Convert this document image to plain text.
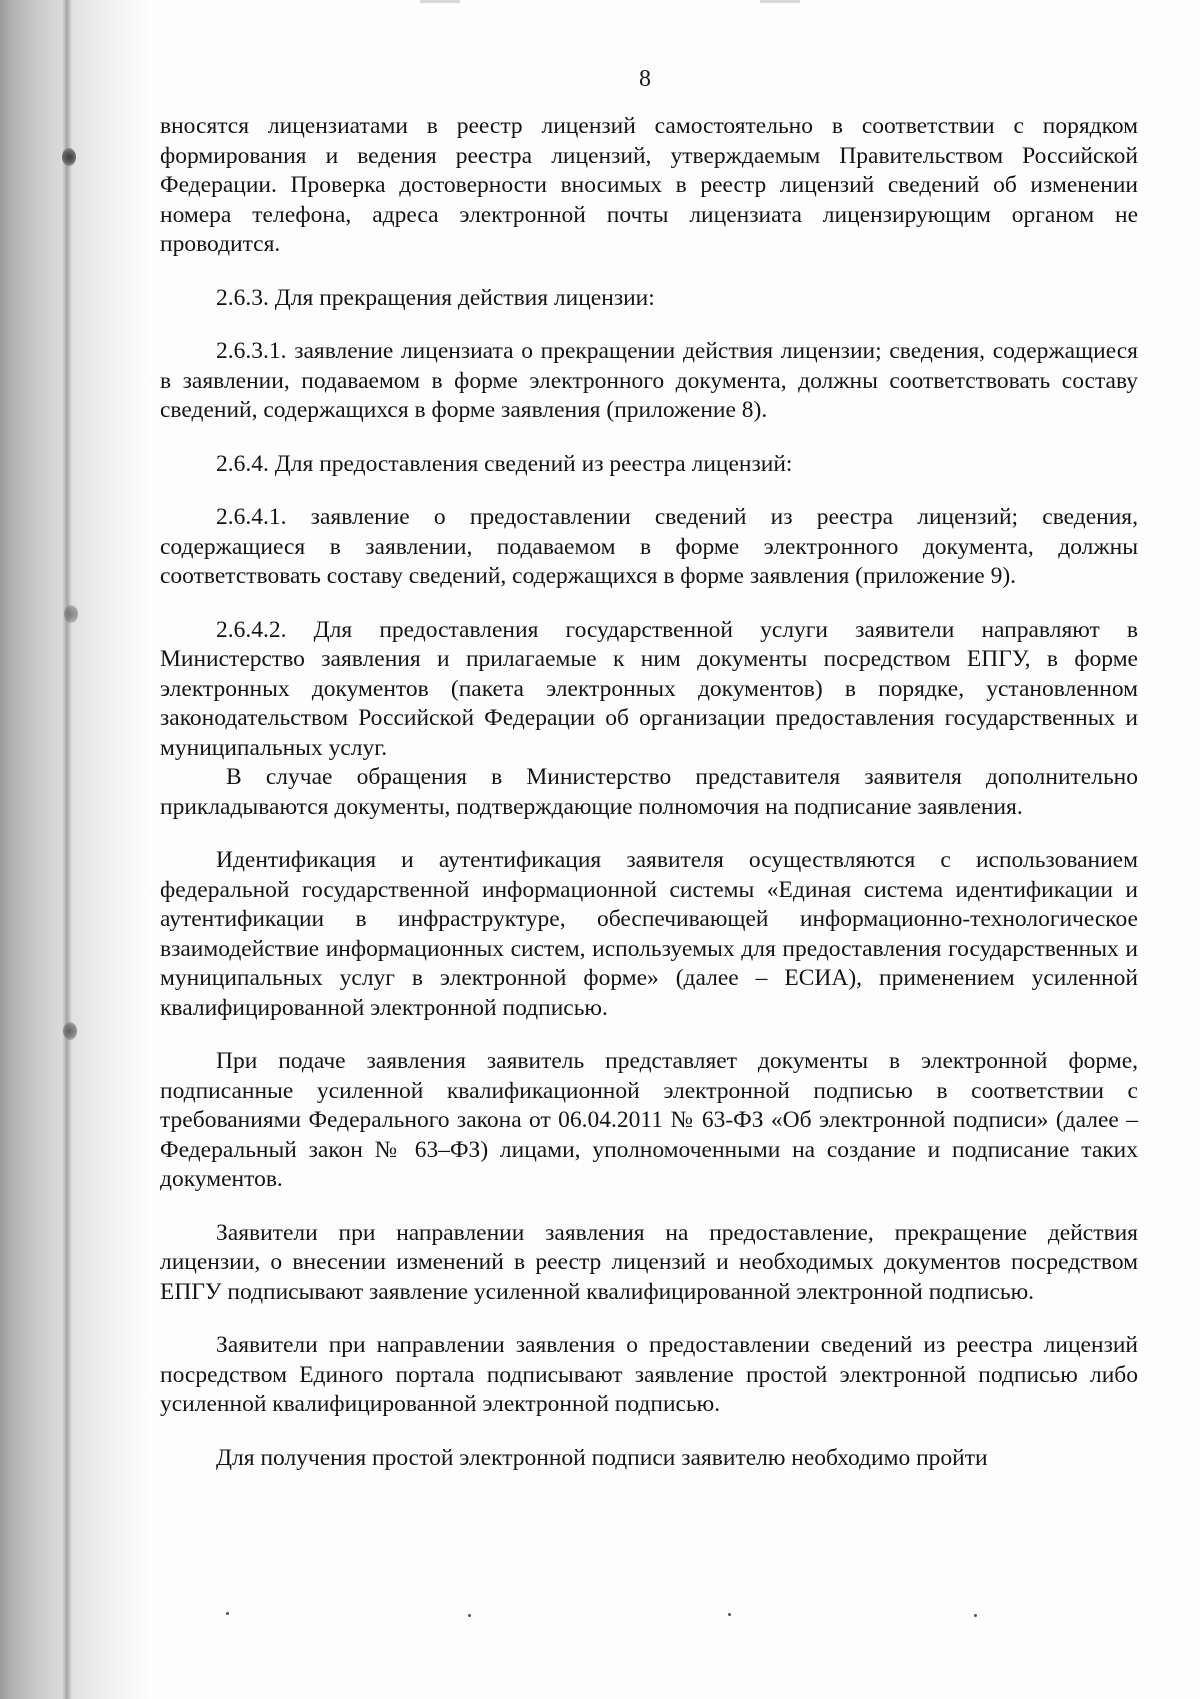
8

вносятся лицензиатами в реестр лицензий самостоятельно в соответствии с порядком формирования и ведения реестра лицензий, утверждаемым Правительством Российской Федерации. Проверка достоверности вносимых в реестр лицензий сведений об изменении номера телефона, адреса электронной почты лицензиата лицензирующим органом не проводится.

2.6.3. Для прекращения действия лицензии:

2.6.3.1. заявление лицензиата о прекращении действия лицензии; сведения, содержащиеся в заявлении, подаваемом в форме электронного документа, должны соответствовать составу сведений, содержащихся в форме заявления (приложение 8).

2.6.4. Для предоставления сведений из реестра лицензий:

2.6.4.1. заявление о предоставлении сведений из реестра лицензий; сведения, содержащиеся в заявлении, подаваемом в форме электронного документа, должны соответствовать составу сведений, содержащихся в форме заявления (приложение 9).

2.6.4.2. Для предоставления государственной услуги заявители направляют в Министерство заявления и прилагаемые к ним документы посредством ЕПГУ, в форме электронных документов (пакета электронных документов) в порядке, установленном законодательством Российской Федерации об организации предоставления государственных и муниципальных услуг.

В случае обращения в Министерство представителя заявителя дополнительно прикладываются документы, подтверждающие полномочия на подписание заявления.

Идентификация и аутентификация заявителя осуществляются с использованием федеральной государственной информационной системы «Единая система идентификации и аутентификации в инфраструктуре, обеспечивающей информационно-технологическое взаимодействие информационных систем, используемых для предоставления государственных и муниципальных услуг в электронной форме» (далее – ЕСИА), применением усиленной квалифицированной электронной подписью.

При подаче заявления заявитель представляет документы в электронной форме, подписанные усиленной квалификационной электронной подписью в соответствии с требованиями Федерального закона от 06.04.2011 № 63-ФЗ «Об электронной подписи» (далее – Федеральный закон № 63–ФЗ) лицами, уполномоченными на создание и подписание таких документов.

Заявители при направлении заявления на предоставление, прекращение действия лицензии, о внесении изменений в реестр лицензий и необходимых документов посредством ЕПГУ подписывают заявление усиленной квалифицированной электронной подписью.

Заявители при направлении заявления о предоставлении сведений из реестра лицензий посредством Единого портала подписывают заявление простой электронной подписью либо усиленной квалифицированной электронной подписью.

Для получения простой электронной подписи заявителю необходимо пройти
